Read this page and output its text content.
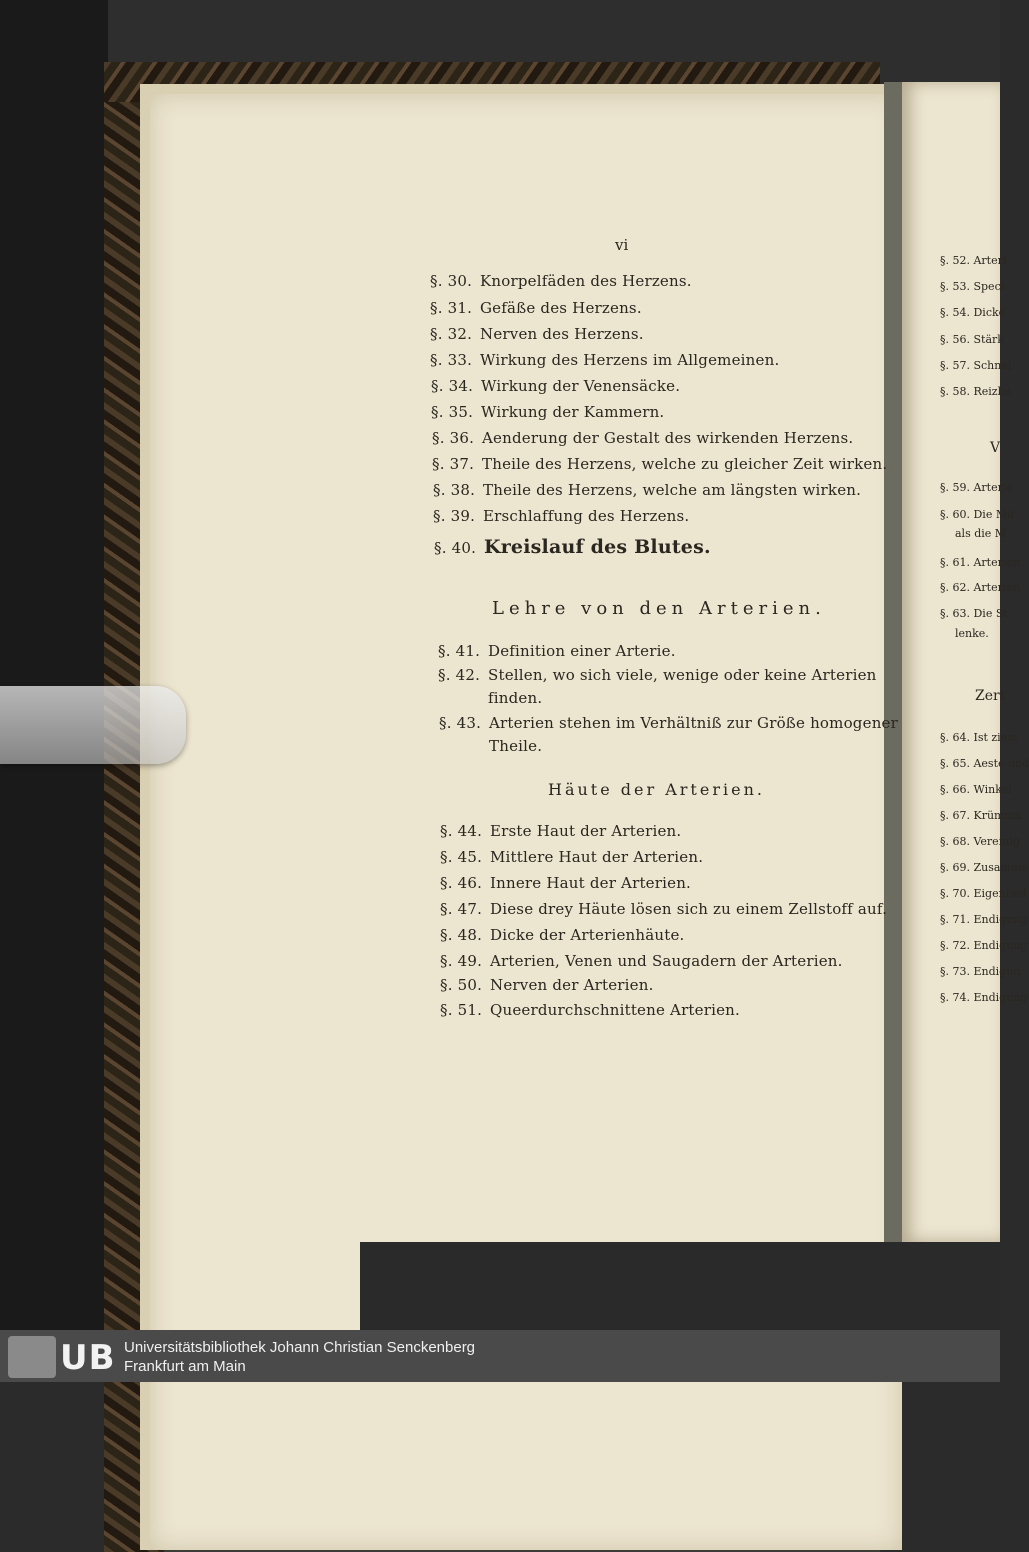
vi
§. 30. Knorpelfäden des Herzens.
§. 31. Gefäße des Herzens.
§. 32. Nerven des Herzens.
§. 33. Wirkung des Herzens im Allgemeinen.
§. 34. Wirkung der Venensäcke.
§. 35. Wirkung der Kammern.
§. 36. Aenderung der Gestalt des wirkenden Herzens.
§. 37. Theile des Herzens, welche zu gleicher Zeit wirken.
§. 38. Theile des Herzens, welche am längsten wirken.
§. 39. Erschlaffung des Herzens.
§. 40. Kreislauf des Blutes.
Lehre von den Arterien.
§. 41. Definition einer Arterie.
§. 42. Stellen, wo sich viele, wenige oder keine Arterien
finden.
§. 43. Arterien stehen im Verhältniß zur Größe homogener
Theile.
Häute der Arterien.
§. 44. Erste Haut der Arterien.
§. 45. Mittlere Haut der Arterien.
§. 46. Innere Haut der Arterien.
§. 47. Diese drey Häute lösen sich zu einem Zellstoff auf.
§. 48. Dicke der Arterienhäute.
§. 49. Arterien, Venen und Saugadern der Arterien.
§. 50. Nerven der Arterien.
§. 51. Queerdurchschnittene Arterien.
§. 52. Arteri
§. 53. Speci
§. 54. Dicke
§. 56. Stärk
§. 57. Schnel
§. 58. Reizba
V
§. 59. Arterie
§. 60. Die Mü
als die M
§. 61. Arterien
§. 62. Arterien
§. 63. Die St
lenke.
Zert
§. 64. Ist ziem
§. 65. Aeste und
§. 66. Winkel
§. 67. Krümmu
§. 68. Vereinig
§. 69. Zusamme
§. 70. Eigenheit
§. 71. Endigung
§. 72. Endigung
§. 73. Endigun
§. 74. Endigung
UB Universitätsbibliothek Johann Christian Senckenberg
Frankfurt am Main
